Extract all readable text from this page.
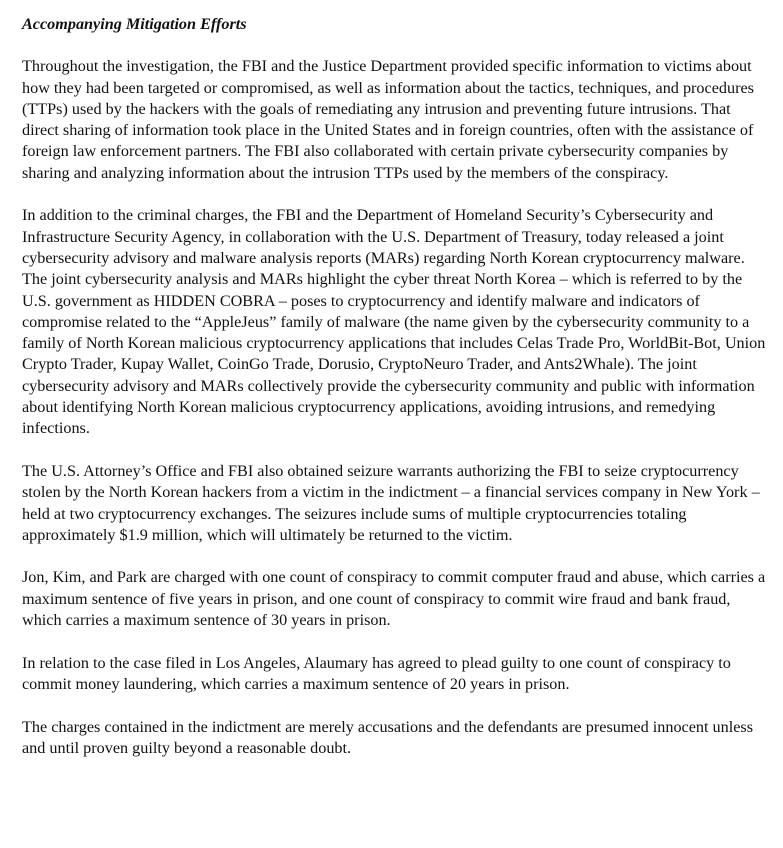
Accompanying Mitigation Efforts

Throughout the investigation, the FBI and the Justice Department provided specific information to victims about how they had been targeted or compromised, as well as information about the tactics, techniques, and procedures (TTPs) used by the hackers with the goals of remediating any intrusion and preventing future intrusions. That direct sharing of information took place in the United States and in foreign countries, often with the assistance of foreign law enforcement partners. The FBI also collaborated with certain private cybersecurity companies by sharing and analyzing information about the intrusion TTPs used by the members of the conspiracy.

In addition to the criminal charges, the FBI and the Department of Homeland Security’s Cybersecurity and Infrastructure Security Agency, in collaboration with the U.S. Department of Treasury, today released a joint cybersecurity advisory and malware analysis reports (MARs) regarding North Korean cryptocurrency malware. The joint cybersecurity analysis and MARs highlight the cyber threat North Korea – which is referred to by the U.S. government as HIDDEN COBRA – poses to cryptocurrency and identify malware and indicators of compromise related to the “AppleJeus” family of malware (the name given by the cybersecurity community to a family of North Korean malicious cryptocurrency applications that includes Celas Trade Pro, WorldBit-Bot, Union Crypto Trader, Kupay Wallet, CoinGo Trade, Dorusio, CryptoNeuro Trader, and Ants2Whale). The joint cybersecurity advisory and MARs collectively provide the cybersecurity community and public with information about identifying North Korean malicious cryptocurrency applications, avoiding intrusions, and remedying infections.

The U.S. Attorney’s Office and FBI also obtained seizure warrants authorizing the FBI to seize cryptocurrency stolen by the North Korean hackers from a victim in the indictment – a financial services company in New York – held at two cryptocurrency exchanges. The seizures include sums of multiple cryptocurrencies totaling approximately $1.9 million, which will ultimately be returned to the victim.

Jon, Kim, and Park are charged with one count of conspiracy to commit computer fraud and abuse, which carries a maximum sentence of five years in prison, and one count of conspiracy to commit wire fraud and bank fraud, which carries a maximum sentence of 30 years in prison.

In relation to the case filed in Los Angeles, Alaumary has agreed to plead guilty to one count of conspiracy to commit money laundering, which carries a maximum sentence of 20 years in prison.

The charges contained in the indictment are merely accusations and the defendants are presumed innocent unless and until proven guilty beyond a reasonable doubt.
